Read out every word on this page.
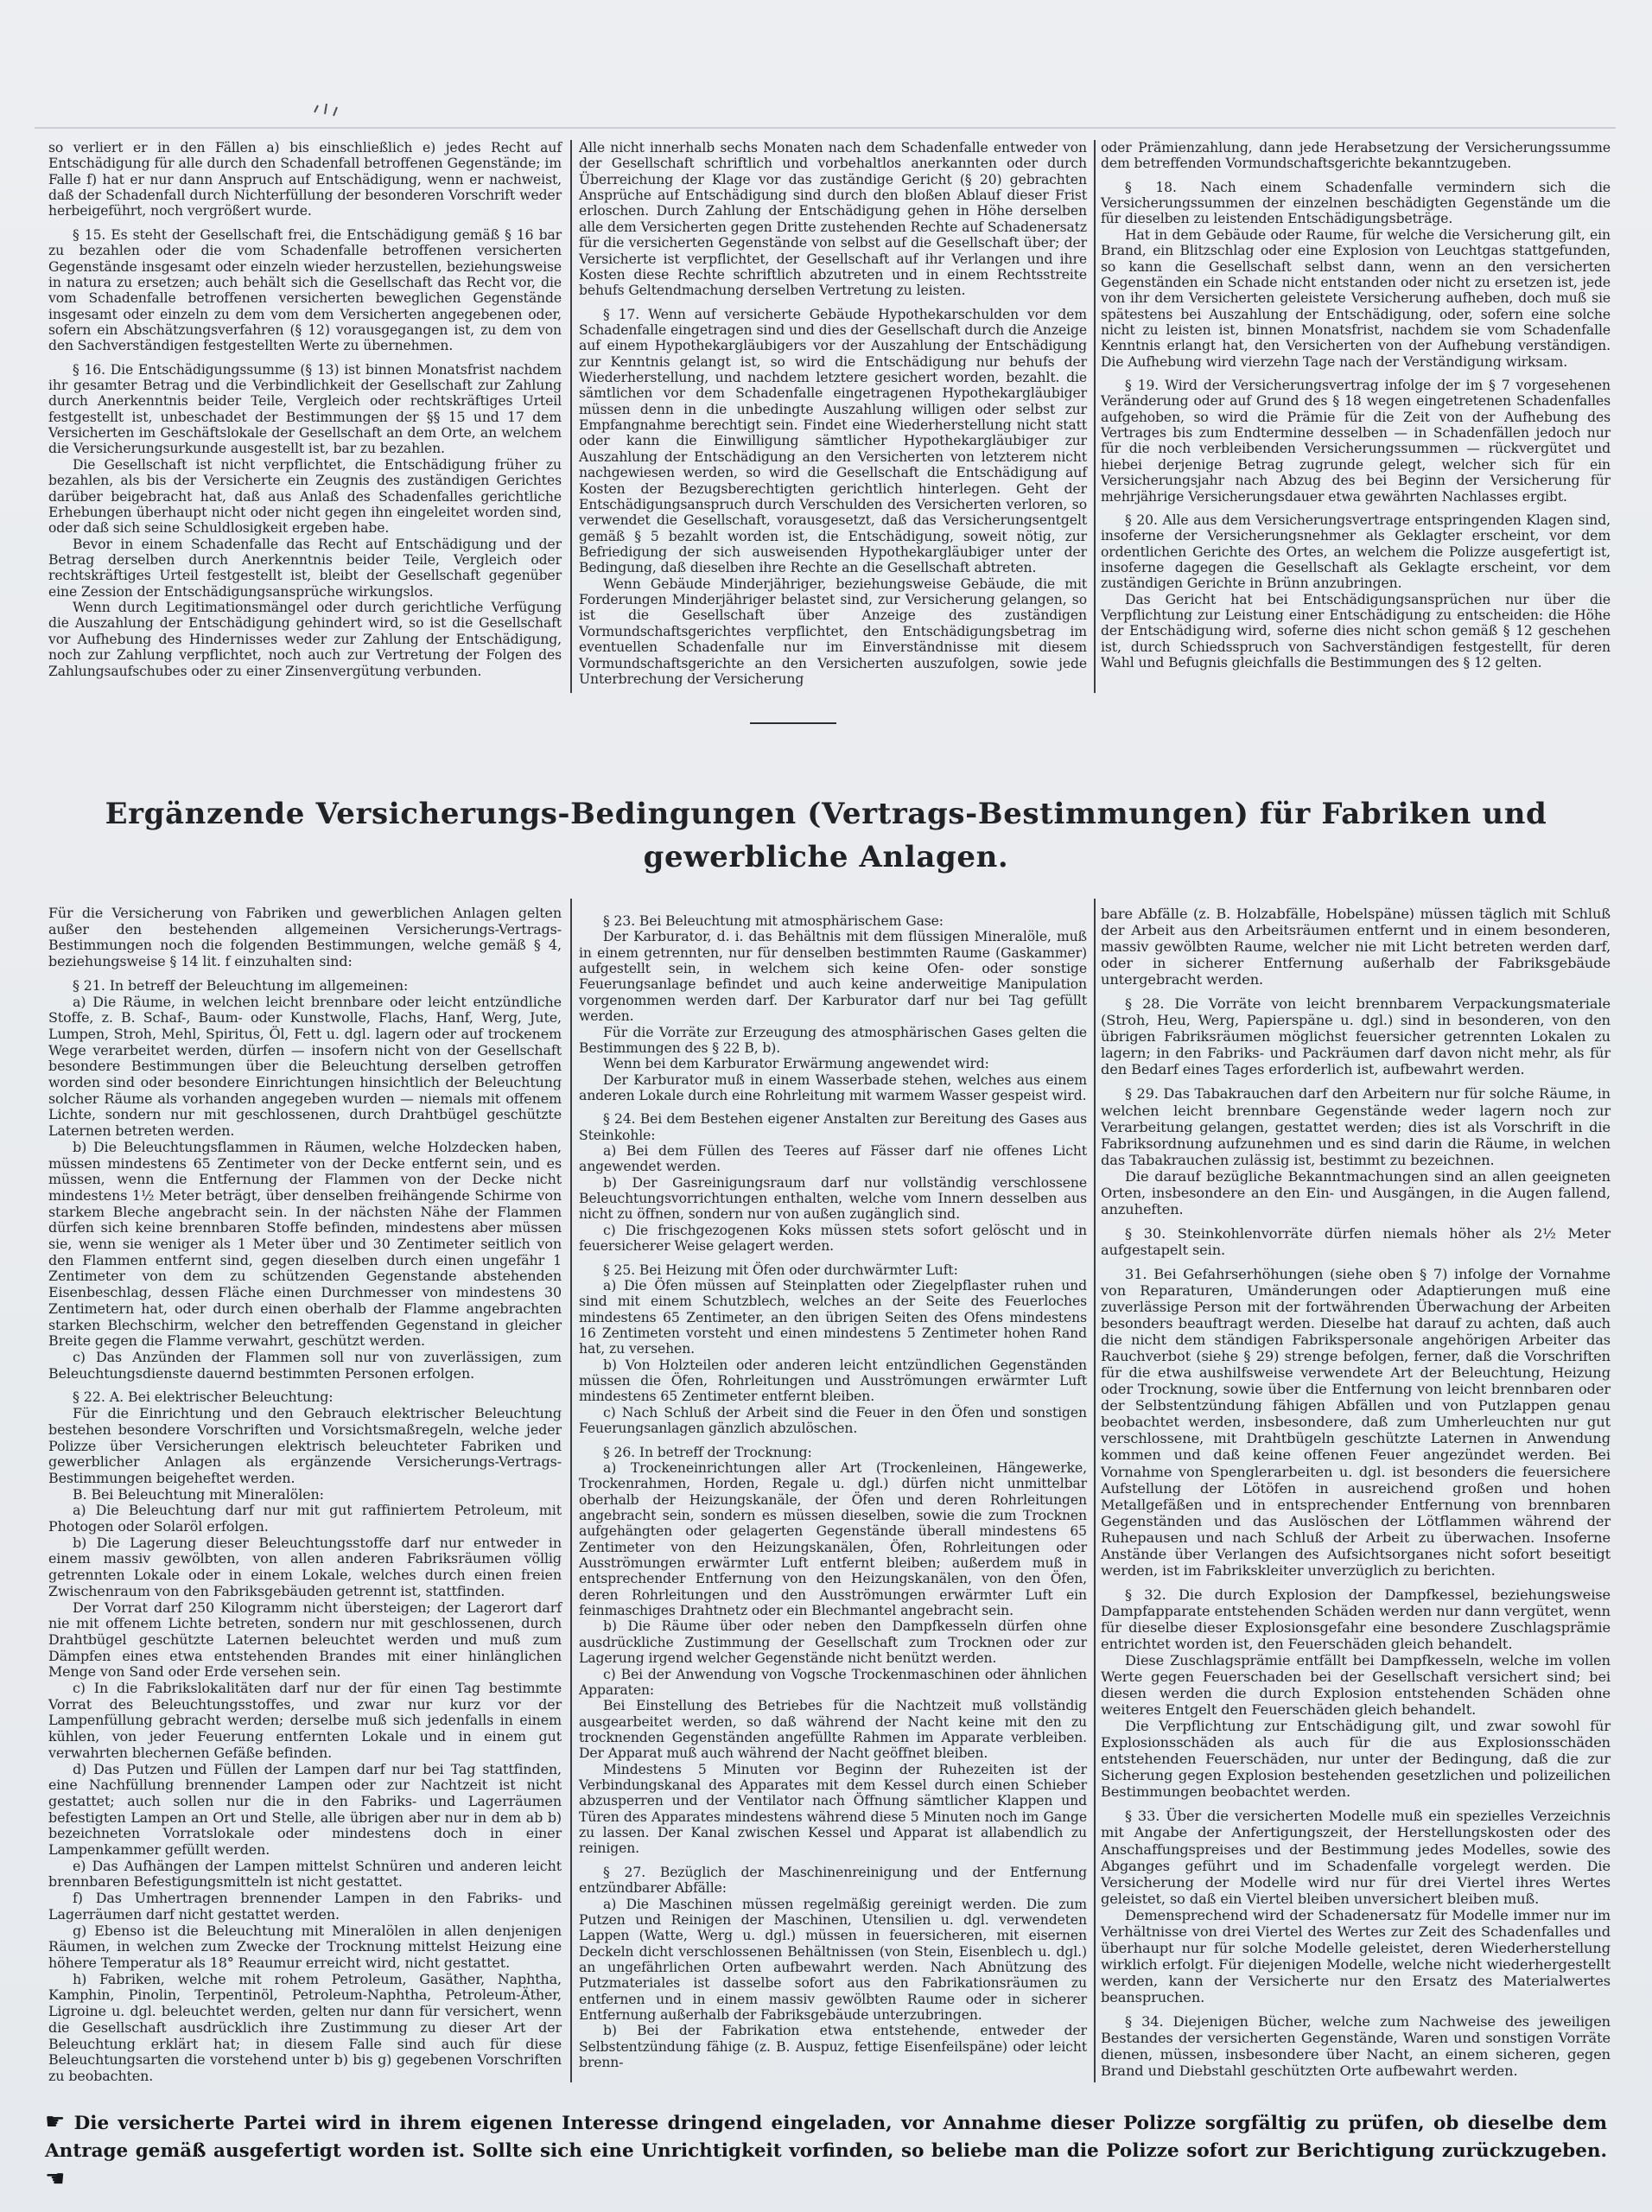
so verliert er in den Fällen a) bis einschließlich e) jedes Recht auf Entschädigung für alle durch den Schadenfall betroffenen Gegenstände; im Falle f) hat er nur dann Anspruch auf Entschädigung, wenn er nachweist, daß der Schadenfall durch Nichterfüllung der besonderen Vorschrift weder herbeigeführt, noch vergrößert wurde.

§ 15. Es steht der Gesellschaft frei, die Entschädigung gemäß § 16 bar zu bezahlen oder die vom Schadenfalle betroffenen versicherten Gegenstände insgesamt oder einzeln wieder herzustellen, beziehungsweise in natura zu ersetzen; auch behält sich die Gesellschaft das Recht vor, die vom Schadenfalle betroffenen versicherten beweglichen Gegenstände insgesamt oder einzeln zu dem vom dem Versicherten angegebenen oder, sofern ein Abschätzungsverfahren (§ 12) vorausgegangen ist, zu dem von den Sachverständigen festgestellten Werte zu übernehmen.

§ 16. Die Entschädigungssumme (§ 13) ist binnen Monatsfrist nachdem ihr gesamter Betrag und die Verbindlichkeit der Gesellschaft zur Zahlung durch Anerkenntnis beider Teile, Vergleich oder rechtskräftiges Urteil festgestellt ist, unbeschadet der Bestimmungen der §§ 15 und 17 dem Versicherten im Geschäftslokale der Gesellschaft an dem Orte, an welchem die Versicherungsurkunde ausgestellt ist, bar zu bezahlen.

Die Gesellschaft ist nicht verpflichtet, die Entschädigung früher zu bezahlen, als bis der Versicherte ein Zeugnis des zuständigen Gerichtes darüber beigebracht hat, daß aus Anlaß des Schadenfalles gerichtliche Erhebungen überhaupt nicht oder nicht gegen ihn eingeleitet worden sind, oder daß sich seine Schuldlosigkeit ergeben habe.

Bevor in einem Schadenfalle das Recht auf Entschädigung und der Betrag derselben durch Anerkenntnis beider Teile, Vergleich oder rechtskräftiges Urteil festgestellt ist, bleibt der Gesellschaft gegenüber eine Zession der Entschädigungsansprüche wirkungslos.

Wenn durch Legitimationsmängel oder durch gerichtliche Verfügung die Auszahlung der Entschädigung gehindert wird, so ist die Gesellschaft vor Aufhebung des Hindernisses weder zur Zahlung der Entschädigung, noch zur Zahlung verpflichtet, noch auch zur Vertretung der Folgen des Zahlungsaufschubes oder zu einer Zinsenvergütung verbunden.

Alle nicht innerhalb sechs Monaten nach dem Schadenfalle entweder von der Gesellschaft schriftlich und vorbehaltlos anerkannten oder durch Überreichung der Klage vor das zuständige Gericht (§ 20) gebrachten Ansprüche auf Entschädigung sind durch den bloßen Ablauf dieser Frist erloschen. Durch Zahlung der Entschädigung gehen in Höhe derselben alle dem Versicherten gegen Dritte zustehenden Rechte auf Schadenersatz für die versicherten Gegenstände von selbst auf die Gesellschaft über; der Versicherte ist verpflichtet, der Gesellschaft auf ihr Verlangen und ihre Kosten diese Rechte schriftlich abzutreten und in einem Rechtsstreite behufs Geltendmachung derselben Vertretung zu leisten.

§ 17. Wenn auf versicherte Gebäude Hypothekarschulden vor dem Schadenfalle eingetragen sind und dies der Gesellschaft durch die Anzeige auf einem Hypothekargläubigers vor der Auszahlung der Entschädigung zur Kenntnis gelangt ist, so wird die Entschädigung nur behufs der Wiederherstellung, und nachdem letztere gesichert worden, bezahlt. die sämtlichen vor dem Schadenfalle eingetragenen Hypothekargläubiger müssen denn in die unbedingte Auszahlung willigen oder selbst zur Empfangnahme berechtigt sein. Findet eine Wiederherstellung nicht statt oder kann die Einwilligung sämtlicher Hypothekargläubiger zur Auszahlung der Entschädigung an den Versicherten von letzterem nicht nachgewiesen werden, so wird die Gesellschaft die Entschädigung auf Kosten der Bezugsberechtigten gerichtlich hinterlegen. Geht der Entschädigungsanspruch durch Verschulden des Versicherten verloren, so verwendet die Gesellschaft, vorausgesetzt, daß das Versicherungsentgelt gemäß § 5 bezahlt worden ist, die Entschädigung, soweit nötig, zur Befriedigung der sich ausweisenden Hypothekargläubiger unter der Bedingung, daß dieselben ihre Rechte an die Gesellschaft abtreten.

Wenn Gebäude Minderjähriger, beziehungsweise Gebäude, die mit Forderungen Minderjähriger belastet sind, zur Versicherung gelangen, so ist die Gesellschaft über Anzeige des zuständigen Vormundschaftsgerichtes verpflichtet, den Entschädigungsbetrag im eventuellen Schadenfalle nur im Einverständnisse mit diesem Vormundschaftsgerichte an den Versicherten auszufolgen, sowie jede Unterbrechung der Versicherung

oder Prämienzahlung, dann jede Herabsetzung der Versicherungssumme dem betreffenden Vormundschaftsgerichte bekanntzugeben.

§ 18. Nach einem Schadenfalle vermindern sich die Versicherungssummen der einzelnen beschädigten Gegenstände um die für dieselben zu leistenden Entschädigungsbeträge.

Hat in dem Gebäude oder Raume, für welche die Versicherung gilt, ein Brand, ein Blitzschlag oder eine Explosion von Leuchtgas stattgefunden, so kann die Gesellschaft selbst dann, wenn an den versicherten Gegenständen ein Schade nicht entstanden oder nicht zu ersetzen ist, jede von ihr dem Versicherten geleistete Versicherung aufheben, doch muß sie spätestens bei Auszahlung der Entschädigung, oder, sofern eine solche nicht zu leisten ist, binnen Monatsfrist, nachdem sie vom Schadenfalle Kenntnis erlangt hat, den Versicherten von der Aufhebung verständigen. Die Aufhebung wird vierzehn Tage nach der Verständigung wirksam.

§ 19. Wird der Versicherungsvertrag infolge der im § 7 vorgesehenen Veränderung oder auf Grund des § 18 wegen eingetretenen Schadenfalles aufgehoben, so wird die Prämie für die Zeit von der Aufhebung des Vertrages bis zum Endtermine desselben — in Schadenfällen jedoch nur für die noch verbleibenden Versicherungssummen — rückvergütet und hiebei derjenige Betrag zugrunde gelegt, welcher sich für ein Versicherungsjahr nach Abzug des bei Beginn der Versicherung für mehrjährige Versicherungsdauer etwa gewährten Nachlasses ergibt.

§ 20. Alle aus dem Versicherungsvertrage entspringenden Klagen sind, insoferne der Versicherungsnehmer als Geklagter erscheint, vor dem ordentlichen Gerichte des Ortes, an welchem die Polizze ausgefertigt ist, insoferne dagegen die Gesellschaft als Geklagte erscheint, vor dem zuständigen Gerichte in Brünn anzubringen.

Das Gericht hat bei Entschädigungsansprüchen nur über die Verpflichtung zur Leistung einer Entschädigung zu entscheiden: die Höhe der Entschädigung wird, soferne dies nicht schon gemäß § 12 geschehen ist, durch Schiedsspruch von Sachverständigen festgestellt, für deren Wahl und Befugnis gleichfalls die Bestimmungen des § 12 gelten.

Ergänzende Versicherungs-Bedingungen (Vertrags-Bestimmungen) für Fabriken und
gewerbliche Anlagen.

Für die Versicherung von Fabriken und gewerblichen Anlagen gelten außer den bestehenden allgemeinen Versicherungs-Vertrags-Bestimmungen noch die folgenden Bestimmungen, welche gemäß § 4, beziehungsweise § 14 lit. f einzuhalten sind:

§ 21. In betreff der Beleuchtung im allgemeinen:

a) Die Räume, in welchen leicht brennbare oder leicht entzündliche Stoffe, z. B. Schaf-, Baum- oder Kunstwolle, Flachs, Hanf, Werg, Jute, Lumpen, Stroh, Mehl, Spiritus, Öl, Fett u. dgl. lagern oder auf trockenem Wege verarbeitet werden, dürfen — insofern nicht von der Gesellschaft besondere Bestimmungen über die Beleuchtung derselben getroffen worden sind oder besondere Einrichtungen hinsichtlich der Beleuchtung solcher Räume als vorhanden angegeben wurden — niemals mit offenem Lichte, sondern nur mit geschlossenen, durch Drahtbügel geschützte Laternen betreten werden.

b) Die Beleuchtungsflammen in Räumen, welche Holzdecken haben, müssen mindestens 65 Zentimeter von der Decke entfernt sein, und es müssen, wenn die Entfernung der Flammen von der Decke nicht mindestens 1½ Meter beträgt, über denselben freihängende Schirme von starkem Bleche angebracht sein. In der nächsten Nähe der Flammen dürfen sich keine brennbaren Stoffe befinden, mindestens aber müssen sie, wenn sie weniger als 1 Meter über und 30 Zentimeter seitlich von den Flammen entfernt sind, gegen dieselben durch einen ungefähr 1 Zentimeter von dem zu schützenden Gegenstande abstehenden Eisenbeschlag, dessen Fläche einen Durchmesser von mindestens 30 Zentimetern hat, oder durch einen oberhalb der Flamme angebrachten starken Blechschirm, welcher den betreffenden Gegenstand in gleicher Breite gegen die Flamme verwahrt, geschützt werden.

c) Das Anzünden der Flammen soll nur von zuverlässigen, zum Beleuchtungsdienste dauernd bestimmten Personen erfolgen.

§ 22. A. Bei elektrischer Beleuchtung:

Für die Einrichtung und den Gebrauch elektrischer Beleuchtung bestehen besondere Vorschriften und Vorsichtsmaßregeln, welche jeder Polizze über Versicherungen elektrisch beleuchteter Fabriken und gewerblicher Anlagen als ergänzende Versicherungs-Vertrags-Bestimmungen beigeheftet werden.

B. Bei Beleuchtung mit Mineralölen:

a) Die Beleuchtung darf nur mit gut raffiniertem Petroleum, mit Photogen oder Solaröl erfolgen.

b) Die Lagerung dieser Beleuchtungsstoffe darf nur entweder in einem massiv gewölbten, von allen anderen Fabriksräumen völlig getrennten Lokale oder in einem Lokale, welches durch einen freien Zwischenraum von den Fabriksgebäuden getrennt ist, stattfinden.

Der Vorrat darf 250 Kilogramm nicht übersteigen; der Lagerort darf nie mit offenem Lichte betreten, sondern nur mit geschlossenen, durch Drahtbügel geschützte Laternen beleuchtet werden und muß zum Dämpfen eines etwa entstehenden Brandes mit einer hinlänglichen Menge von Sand oder Erde versehen sein.

c) In die Fabrikslokalitäten darf nur der für einen Tag bestimmte Vorrat des Beleuchtungsstoffes, und zwar nur kurz vor der Lampenfüllung gebracht werden; derselbe muß sich jedenfalls in einem kühlen, von jeder Feuerung entfernten Lokale und in einem gut verwahrten blechernen Gefäße befinden.

d) Das Putzen und Füllen der Lampen darf nur bei Tag stattfinden, eine Nachfüllung brennender Lampen oder zur Nachtzeit ist nicht gestattet; auch sollen nur die in den Fabriks- und Lagerräumen befestigten Lampen an Ort und Stelle, alle übrigen aber nur in dem ab b) bezeichneten Vorratslokale oder mindestens doch in einer Lampenkammer gefüllt werden.

e) Das Aufhängen der Lampen mittelst Schnüren und anderen leicht brennbaren Befestigungsmitteln ist nicht gestattet.

f) Das Umhertragen brennender Lampen in den Fabriks- und Lagerräumen darf nicht gestattet werden.

g) Ebenso ist die Beleuchtung mit Mineralölen in allen denjenigen Räumen, in welchen zum Zwecke der Trocknung mittelst Heizung eine höhere Temperatur als 18° Reaumur erreicht wird, nicht gestattet.

h) Fabriken, welche mit rohem Petroleum, Gasäther, Naphtha, Kamphin, Pinolin, Terpentinöl, Petroleum-Naphtha, Petroleum-Äther, Ligroine u. dgl. beleuchtet werden, gelten nur dann für versichert, wenn die Gesellschaft ausdrücklich ihre Zustimmung zu dieser Art der Beleuchtung erklärt hat; in diesem Falle sind auch für diese Beleuchtungsarten die vorstehend unter b) bis g) gegebenen Vorschriften zu beobachten.

§ 23. Bei Beleuchtung mit atmosphärischem Gase:

Der Karburator, d. i. das Behältnis mit dem flüssigen Mineralöle, muß in einem getrennten, nur für denselben bestimmten Raume (Gaskammer) aufgestellt sein, in welchem sich keine Ofen- oder sonstige Feuerungsanlage befindet und auch keine anderweitige Manipulation vorgenommen werden darf. Der Karburator darf nur bei Tag gefüllt werden.

Für die Vorräte zur Erzeugung des atmosphärischen Gases gelten die Bestimmungen des § 22 B, b).

Wenn bei dem Karburator Erwärmung angewendet wird:

Der Karburator muß in einem Wasserbade stehen, welches aus einem anderen Lokale durch eine Rohrleitung mit warmem Wasser gespeist wird.

§ 24. Bei dem Bestehen eigener Anstalten zur Bereitung des Gases aus Steinkohle:

a) Bei dem Füllen des Teeres auf Fässer darf nie offenes Licht angewendet werden.

b) Der Gasreinigungsraum darf nur vollständig verschlossene Beleuchtungsvorrichtungen enthalten, welche vom Innern desselben aus nicht zu öffnen, sondern nur von außen zugänglich sind.

c) Die frischgezogenen Koks müssen stets sofort gelöscht und in feuersicherer Weise gelagert werden.

§ 25. Bei Heizung mit Öfen oder durchwärmter Luft:

a) Die Öfen müssen auf Steinplatten oder Ziegelpflaster ruhen und sind mit einem Schutzblech, welches an der Seite des Feuerloches mindestens 65 Zentimeter, an den übrigen Seiten des Ofens mindestens 16 Zentimeten vorsteht und einen mindestens 5 Zentimeter hohen Rand hat, zu versehen.

b) Von Holzteilen oder anderen leicht entzündlichen Gegenständen müssen die Öfen, Rohrleitungen und Ausströmungen erwärmter Luft mindestens 65 Zentimeter entfernt bleiben.

c) Nach Schluß der Arbeit sind die Feuer in den Öfen und sonstigen Feuerungsanlagen gänzlich abzulöschen.

§ 26. In betreff der Trocknung:

a) Trockeneinrichtungen aller Art (Trockenleinen, Hängewerke, Trockenrahmen, Horden, Regale u. dgl.) dürfen nicht unmittelbar oberhalb der Heizungskanäle, der Öfen und deren Rohrleitungen angebracht sein, sondern es müssen dieselben, sowie die zum Trocknen aufgehängten oder gelagerten Gegenstände überall mindestens 65 Zentimeter von den Heizungskanälen, Öfen, Rohrleitungen oder Ausströmungen erwärmter Luft entfernt bleiben; außerdem muß in entsprechender Entfernung von den Heizungskanälen, von den Öfen, deren Rohrleitungen und den Ausströmungen erwärmter Luft ein feinmaschiges Drahtnetz oder ein Blechmantel angebracht sein.

b) Die Räume über oder neben den Dampfkesseln dürfen ohne ausdrückliche Zustimmung der Gesellschaft zum Trocknen oder zur Lagerung irgend welcher Gegenstände nicht benützt werden.

c) Bei der Anwendung von Vogsche Trockenmaschinen oder ähnlichen Apparaten:

Bei Einstellung des Betriebes für die Nachtzeit muß vollständig ausgearbeitet werden, so daß während der Nacht keine mit den zu trocknenden Gegenständen angefüllte Rahmen im Apparate verbleiben. Der Apparat muß auch während der Nacht geöffnet bleiben.

Mindestens 5 Minuten vor Beginn der Ruhezeiten ist der Verbindungskanal des Apparates mit dem Kessel durch einen Schieber abzusperren und der Ventilator nach Öffnung sämtlicher Klappen und Türen des Apparates mindestens während diese 5 Minuten noch im Gange zu lassen. Der Kanal zwischen Kessel und Apparat ist allabendlich zu reinigen.

§ 27. Bezüglich der Maschinenreinigung und der Entfernung entzündbarer Abfälle:

a) Die Maschinen müssen regelmäßig gereinigt werden. Die zum Putzen und Reinigen der Maschinen, Utensilien u. dgl. verwendeten Lappen (Watte, Werg u. dgl.) müssen in feuersicheren, mit eisernen Deckeln dicht verschlossenen Behältnissen (von Stein, Eisenblech u. dgl.) an ungefährlichen Orten aufbewahrt werden. Nach Abnützung des Putzmateriales ist dasselbe sofort aus den Fabrikationsräumen zu entfernen und in einem massiv gewölbten Raume oder in sicherer Entfernung außerhalb der Fabriksgebäude unterzubringen.

b) Bei der Fabrikation etwa entstehende, entweder der Selbstentzündung fähige (z. B. Auspuz, fettige Eisenfeilspäne) oder leicht brenn-

bare Abfälle (z. B. Holzabfälle, Hobelspäne) müssen täglich mit Schluß der Arbeit aus den Arbeitsräumen entfernt und in einem besonderen, massiv gewölbten Raume, welcher nie mit Licht betreten werden darf, oder in sicherer Entfernung außerhalb der Fabriksgebäude untergebracht werden.

§ 28. Die Vorräte von leicht brennbarem Verpackungsmateriale (Stroh, Heu, Werg, Papierspäne u. dgl.) sind in besonderen, von den übrigen Fabriksräumen möglichst feuersicher getrennten Lokalen zu lagern; in den Fabriks- und Packräumen darf davon nicht mehr, als für den Bedarf eines Tages erforderlich ist, aufbewahrt werden.

§ 29. Das Tabakrauchen darf den Arbeitern nur für solche Räume, in welchen leicht brennbare Gegenstände weder lagern noch zur Verarbeitung gelangen, gestattet werden; dies ist als Vorschrift in die Fabriksordnung aufzunehmen und es sind darin die Räume, in welchen das Tabakrauchen zulässig ist, bestimmt zu bezeichnen.

Die darauf bezügliche Bekanntmachungen sind an allen geeigneten Orten, insbesondere an den Ein- und Ausgängen, in die Augen fallend, anzuheften.

§ 30. Steinkohlenvorräte dürfen niemals höher als 2½ Meter aufgestapelt sein.

31. Bei Gefahrserhöhungen (siehe oben § 7) infolge der Vornahme von Reparaturen, Umänderungen oder Adaptierungen muß eine zuverlässige Person mit der fortwährenden Überwachung der Arbeiten besonders beauftragt werden. Dieselbe hat darauf zu achten, daß auch die nicht dem ständigen Fabrikspersonale angehörigen Arbeiter das Rauchverbot (siehe § 29) strenge befolgen, ferner, daß die Vorschriften für die etwa aushilfsweise verwendete Art der Beleuchtung, Heizung oder Trocknung, sowie über die Entfernung von leicht brennbaren oder der Selbstentzündung fähigen Abfällen und von Putzlappen genau beobachtet werden, insbesondere, daß zum Umherleuchten nur gut verschlossene, mit Drahtbügeln geschützte Laternen in Anwendung kommen und daß keine offenen Feuer angezündet werden. Bei Vornahme von Spenglerarbeiten u. dgl. ist besonders die feuersichere Aufstellung der Lötöfen in ausreichend großen und hohen Metallgefäßen und in entsprechender Entfernung von brennbaren Gegenständen und das Auslöschen der Lötflammen während der Ruhepausen und nach Schluß der Arbeit zu überwachen. Insoferne Anstände über Verlangen des Aufsichtsorganes nicht sofort beseitigt werden, ist im Fabrikskleiter unverzüglich zu berichten.

§ 32. Die durch Explosion der Dampfkessel, beziehungsweise Dampfapparate entstehenden Schäden werden nur dann vergütet, wenn für dieselbe dieser Explosionsgefahr eine besondere Zuschlagsprämie entrichtet worden ist, den Feuerschäden gleich behandelt.

Diese Zuschlagsprämie entfällt bei Dampfkesseln, welche im vollen Werte gegen Feuerschaden bei der Gesellschaft versichert sind; bei diesen werden die durch Explosion entstehenden Schäden ohne weiteres Entgelt den Feuerschäden gleich behandelt.

Die Verpflichtung zur Entschädigung gilt, und zwar sowohl für Explosionsschäden als auch für die aus Explosionsschäden entstehenden Feuerschäden, nur unter der Bedingung, daß die zur Sicherung gegen Explosion bestehenden gesetzlichen und polizeilichen Bestimmungen beobachtet werden.

§ 33. Über die versicherten Modelle muß ein spezielles Verzeichnis mit Angabe der Anfertigungszeit, der Herstellungskosten oder des Anschaffungspreises und der Bestimmung jedes Modelles, sowie des Abganges geführt und im Schadenfalle vorgelegt werden. Die Versicherung der Modelle wird nur für drei Viertel ihres Wertes geleistet, so daß ein Viertel bleiben unversichert bleiben muß.

Demensprechend wird der Schadenersatz für Modelle immer nur im Verhältnisse von drei Viertel des Wertes zur Zeit des Schadenfalles und überhaupt nur für solche Modelle geleistet, deren Wiederherstellung wirklich erfolgt. Für diejenigen Modelle, welche nicht wiederhergestellt werden, kann der Versicherte nur den Ersatz des Materialwertes beanspruchen.

§ 34. Diejenigen Bücher, welche zum Nachweise des jeweiligen Bestandes der versicherten Gegenstände, Waren und sonstigen Vorräte dienen, müssen, insbesondere über Nacht, an einem sicheren, gegen Brand und Diebstahl geschützten Orte aufbewahrt werden.

☛ Die versicherte Partei wird in ihrem eigenen Interesse dringend eingeladen, vor Annahme dieser Polizze sorgfältig zu prüfen, ob dieselbe dem Antrage gemäß ausgefertigt worden ist. Sollte sich eine Unrichtigkeit vorfinden, so beliebe man die Polizze sofort zur Berichtigung zurückzugeben. ☚
